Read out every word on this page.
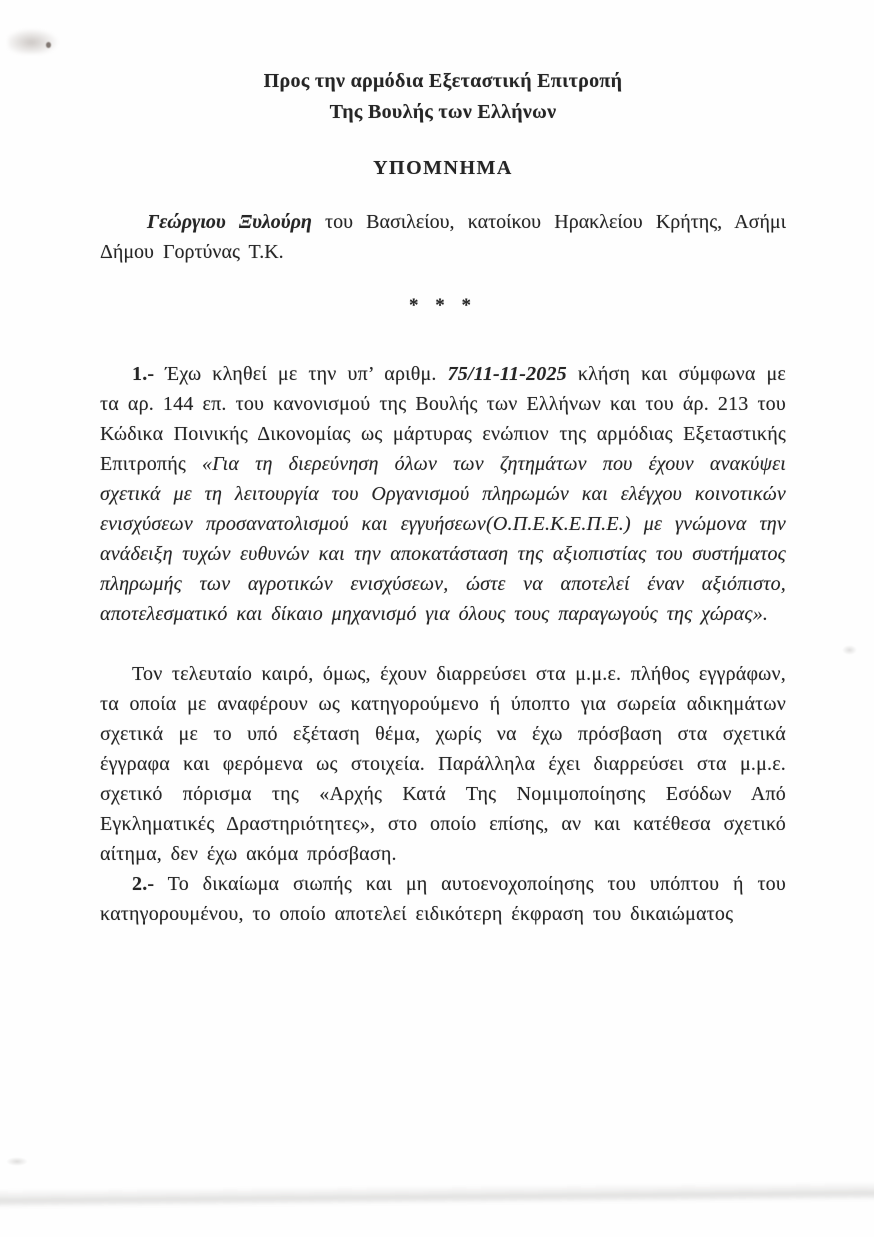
Προς την αρμόδια Εξεταστική Επιτροπή
Της Βουλής των Ελλήνων
ΥΠΟΜΝΗΜΑ

Γεώργιου Ξυλούρη του Βασιλείου, κατοίκου Ηρακλείου Κρήτης, Ασήμι Δήμου Γορτύνας Τ.Κ.

* * *

1.- Έχω κληθεί με την υπ’ αριθμ. 75/11-11-2025 κλήση και σύμφωνα με τα αρ. 144 επ. του κανονισμού της Βουλής των Ελλήνων και του άρ. 213 του Κώδικα Ποινικής Δικονομίας ως μάρτυρας ενώπιον της αρμόδιας Εξεταστικής Επιτροπής «Για τη διερεύνηση όλων των ζητημάτων που έχουν ανακύψει σχετικά με τη λειτουργία του Οργανισμού πληρωμών και ελέγχου κοινοτικών ενισχύσεων προσανατολισμού και εγγυήσεων(Ο.Π.Ε.Κ.Ε.Π.Ε.) με γνώμονα την ανάδειξη τυχών ευθυνών και την αποκατάσταση της αξιοπιστίας του συστήματος πληρωμής των αγροτικών ενισχύσεων, ώστε να αποτελεί έναν αξιόπιστο, αποτελεσματικό και δίκαιο μηχανισμό για όλους τους παραγωγούς της χώρας».

Τον τελευταίο καιρό, όμως, έχουν διαρρεύσει στα μ.μ.ε. πλήθος εγγράφων, τα οποία με αναφέρουν ως κατηγορούμενο ή ύποπτο για σωρεία αδικημάτων σχετικά με το υπό εξέταση θέμα, χωρίς να έχω πρόσβαση στα σχετικά έγγραφα και φερόμενα ως στοιχεία. Παράλληλα έχει διαρρεύσει στα μ.μ.ε. σχετικό πόρισμα της «Αρχής Κατά Της Νομιμοποίησης Εσόδων Από Εγκληματικές Δραστηριότητες», στο οποίο επίσης, αν και κατέθεσα σχετικό αίτημα, δεν έχω ακόμα πρόσβαση.

2.- Το δικαίωμα σιωπής και μη αυτοενοχοποίησης του υπόπτου ή του κατηγορουμένου, το οποίο αποτελεί ειδικότερη έκφραση του δικαιώματος
